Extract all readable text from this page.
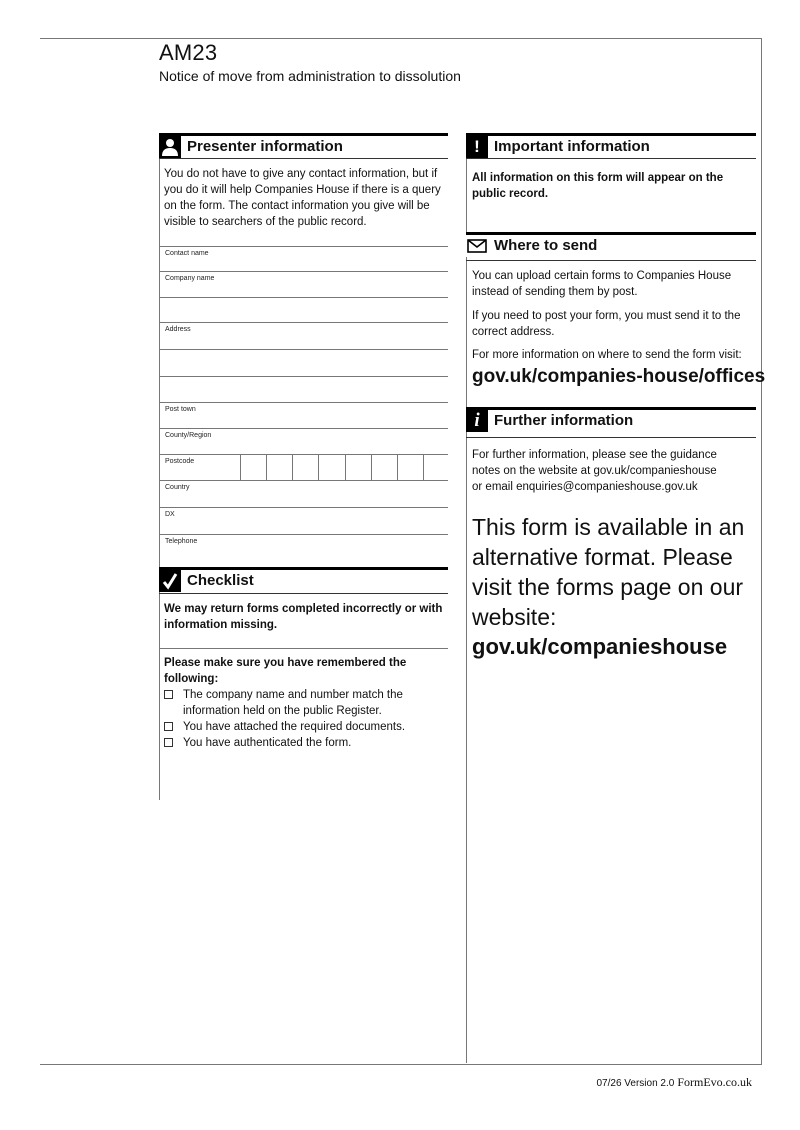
AM23
Notice of move from administration to dissolution
Presenter information
You do not have to give any contact information, but if you do it will help Companies House if there is a query on the form. The contact information you give will be visible to searchers of the public record.
Contact name
Company name
Address
Post town
County/Region
Postcode
Country
DX
Telephone
Checklist
We may return forms completed incorrectly or with information missing.
Please make sure you have remembered the following:
The company name and number match the information held on the public Register.
You have attached the required documents.
You have authenticated the form.
! Important information
All information on this form will appear on the public record.
Where to send
You can upload certain forms to Companies House instead of sending them by post.
If you need to post your form, you must send it to the correct address.
For more information on where to send the form visit:
gov.uk/companies-house/offices
i Further information
For further information, please see the guidance
notes on the website at gov.uk/companieshouse
or email enquiries@companieshouse.gov.uk
This form is available in an alternative format. Please visit the forms page on our website:
gov.uk/companieshouse
07/26 Version 2.0 FormEvo.co.uk
